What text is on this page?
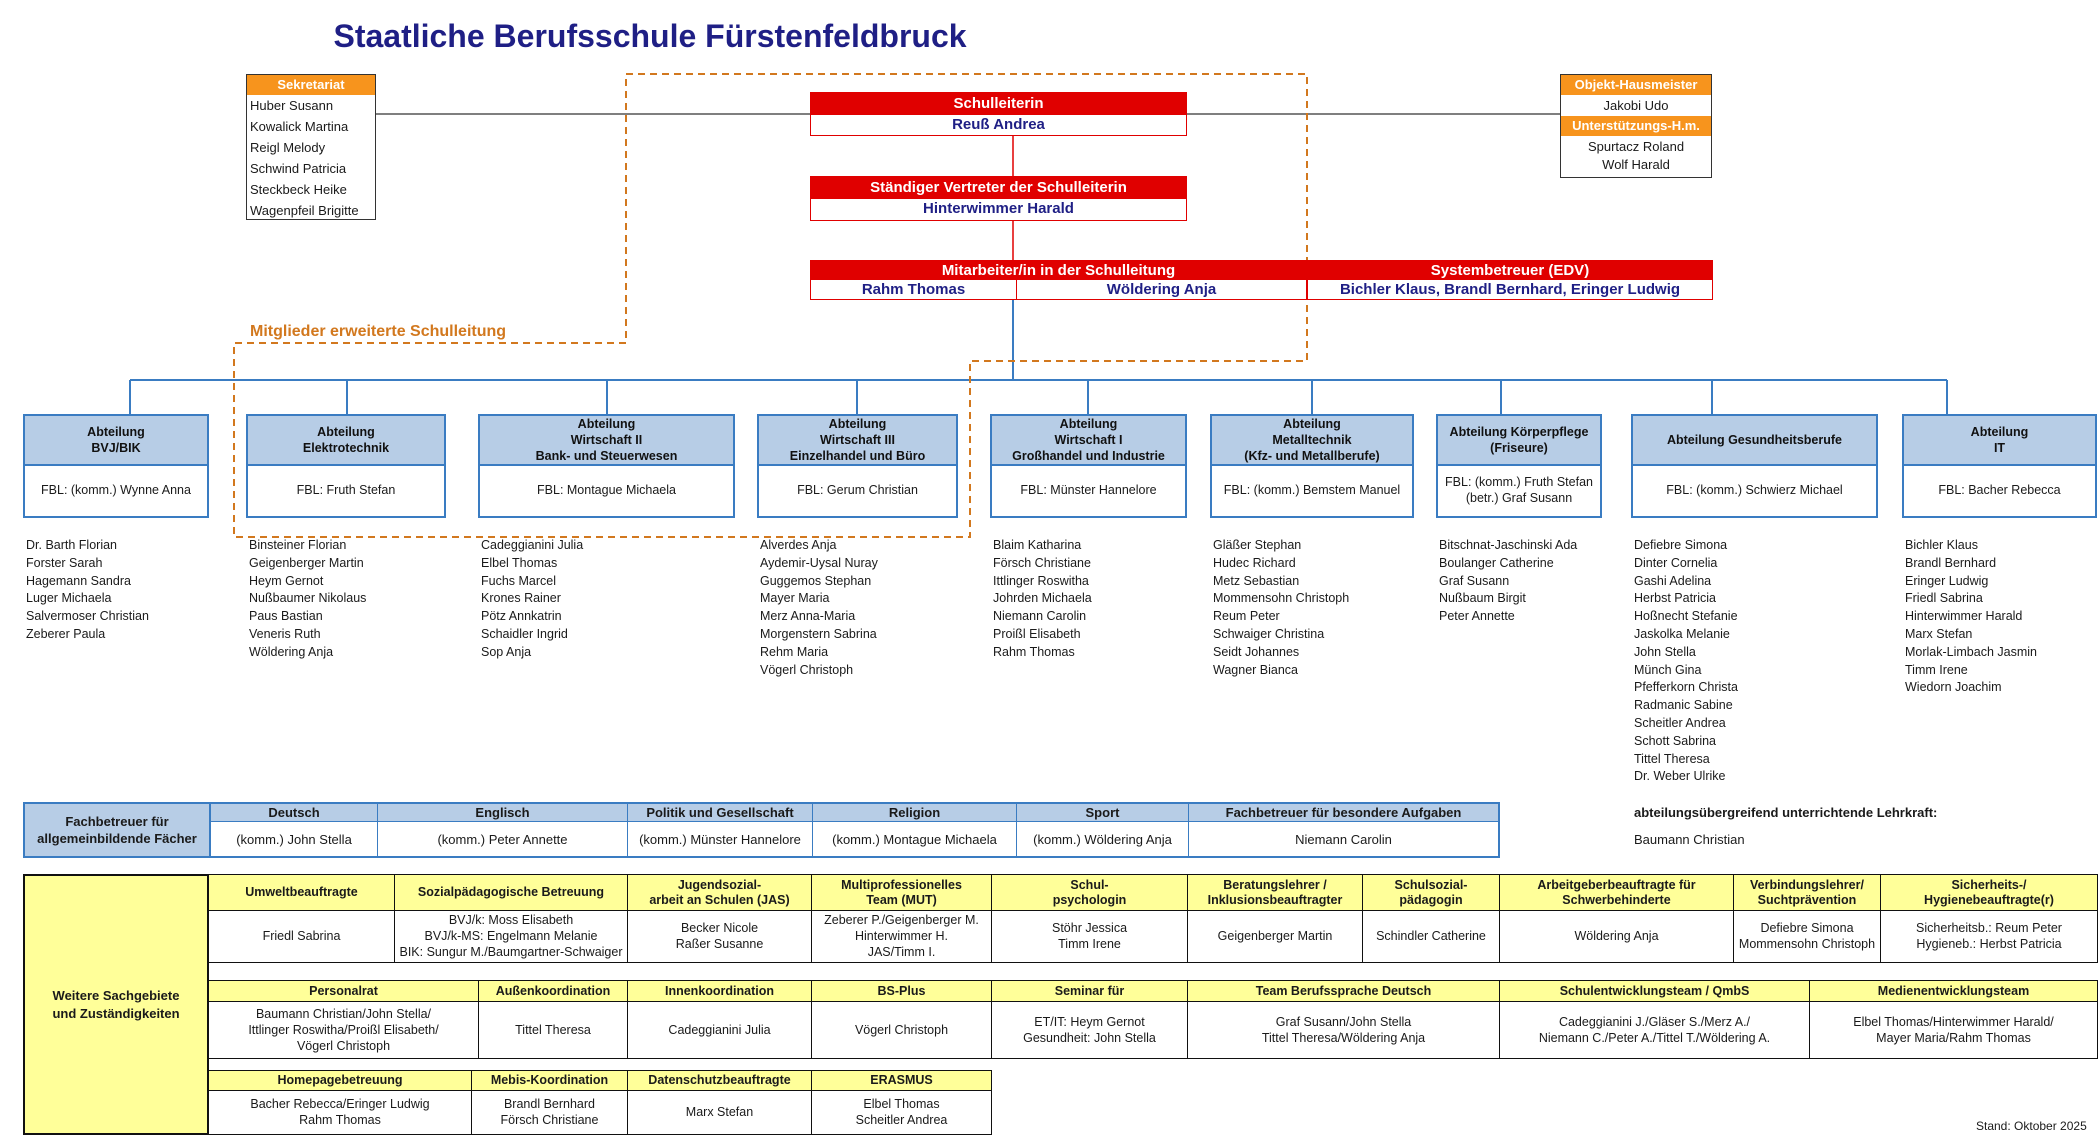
Staatliche Berufsschule Fürstenfeldbruck
Sekretariat
Huber Susann
Kowalick Martina
Reigl Melody
Schwind Patricia
Steckbeck Heike
Wagenpfeil Brigitte
Objekt-Hausmeister
Jakobi Udo
Unterstützungs-H.m.
Spurtacz Roland
Wolf Harald
Schulleiterin
Reuß Andrea
Ständiger Vertreter der Schulleiterin
Hinterwimmer Harald
Mitarbeiter/in in der Schulleitung
Rahm Thomas	Wöldering Anja
Systembetreuer (EDV)
Bichler Klaus, Brandl Bernhard, Eringer Ludwig
Mitglieder erweiterte Schulleitung
Abteilung
BVJ/BIK
FBL: (komm.) Wynne Anna
Abteilung
Elektrotechnik
FBL: Fruth Stefan
Abteilung
Wirtschaft II
Bank- und Steuerwesen
FBL: Montague Michaela
Abteilung
Wirtschaft III
Einzelhandel und Büro
FBL: Gerum Christian
Abteilung
Wirtschaft I
Großhandel und Industrie
FBL: Münster Hannelore
Abteilung
Metalltechnik
(Kfz- und Metallberufe)
FBL: (komm.) Bemstem Manuel
Abteilung Körperpflege
(Friseure)
FBL: (komm.) Fruth Stefan
(betr.) Graf Susann
Abteilung Gesundheitsberufe
FBL: (komm.) Schwierz Michael
Abteilung
IT
FBL: Bacher Rebecca
Dr. Barth Florian
Forster Sarah
Hagemann Sandra
Luger Michaela
Salvermoser Christian
Zeberer Paula
Binsteiner Florian
Geigenberger Martin
Heym Gernot
Nußbaumer Nikolaus
Paus Bastian
Veneris Ruth
Wöldering Anja
Cadeggianini Julia
Elbel Thomas
Fuchs Marcel
Krones Rainer
Pötz Annkatrin
Schaidler Ingrid
Sop Anja
Alverdes Anja
Aydemir-Uysal Nuray
Guggemos Stephan
Mayer Maria
Merz Anna-Maria
Morgenstern Sabrina
Rehm Maria
Vögerl Christoph
Blaim Katharina
Försch Christiane
Ittlinger Roswitha
Johrden Michaela
Niemann Carolin
Proißl Elisabeth
Rahm Thomas
Gläßer Stephan
Hudec Richard
Metz Sebastian
Mommensohn Christoph
Reum Peter
Schwaiger Christina
Seidt Johannes
Wagner Bianca
Bitschnat-Jaschinski Ada
Boulanger Catherine
Graf Susann
Nußbaum Birgit
Peter Annette
Defiebre Simona
Dinter Cornelia
Gashi Adelina
Herbst Patricia
Hoßnecht Stefanie
Jaskolka Melanie
John Stella
Münch Gina
Pfefferkorn Christa
Radmanic Sabine
Scheitler Andrea
Schott Sabrina
Tittel Theresa
Dr. Weber Ulrike
Bichler Klaus
Brandl Bernhard
Eringer Ludwig
Friedl Sabrina
Hinterwimmer Harald
Marx Stefan
Morlak-Limbach Jasmin
Timm Irene
Wiedorn Joachim
Fachbetreuer für
allgemeinbildende Fächer
Deutsch
(komm.) John Stella
Englisch
(komm.) Peter Annette
Politik und Gesellschaft
(komm.) Münster Hannelore
Religion
(komm.) Montague Michaela
Sport
(komm.) Wöldering Anja
Fachbetreuer für besondere Aufgaben
Niemann Carolin
abteilungsübergreifend unterrichtende Lehrkraft:
Baumann Christian
Weitere Sachgebiete
und Zuständigkeiten
Umweltbeauftragte
Friedl Sabrina
Sozialpädagogische Betreuung
BVJ/k: Moss Elisabeth
BVJ/k-MS: Engelmann Melanie
BIK: Sungur M./Baumgartner-Schwaiger
Jugendsozial-
arbeit an Schulen (JAS)
Becker Nicole
Raßer Susanne
Multiprofessionelles
Team (MUT)
Zeberer P./Geigenberger M.
Hinterwimmer H.
JAS/Timm I.
Schul-
psychologin
Stöhr Jessica
Timm Irene
Beratungslehrer /
Inklusionsbeauftragter
Geigenberger Martin
Schulsozial-
pädagogin
Schindler Catherine
Arbeitgeberbeauftragte für
Schwerbehinderte
Wöldering Anja
Verbindungslehrer/
Suchtprävention
Defiebre Simona
Mommensohn Christoph
Sicherheits-/
Hygienebeauftragte(r)
Sicherheitsb.: Reum Peter
Hygieneb.: Herbst Patricia
Personalrat
Baumann Christian/John Stella/
Ittlinger Roswitha/Proißl Elisabeth/
Vögerl Christoph
Außenkoordination
Tittel Theresa
Innenkoordination
Cadeggianini Julia
BS-Plus
Vögerl Christoph
Seminar für
ET/IT: Heym Gernot
Gesundheit: John Stella
Team Berufssprache Deutsch
Graf Susann/John Stella
Tittel Theresa/Wöldering Anja
Schulentwicklungsteam / QmbS
Cadeggianini J./Gläser S./Merz A./
Niemann C./Peter A./Tittel T./Wöldering A.
Medienentwicklungsteam
Elbel Thomas/Hinterwimmer Harald/
Mayer Maria/Rahm Thomas
Homepagebetreuung
Bacher Rebecca/Eringer Ludwig
Rahm Thomas
Mebis-Koordination
Brandl Bernhard
Försch Christiane
Datenschutzbeauftragte
Marx Stefan
ERASMUS
Elbel Thomas
Scheitler Andrea	Stand: Oktober 2025
